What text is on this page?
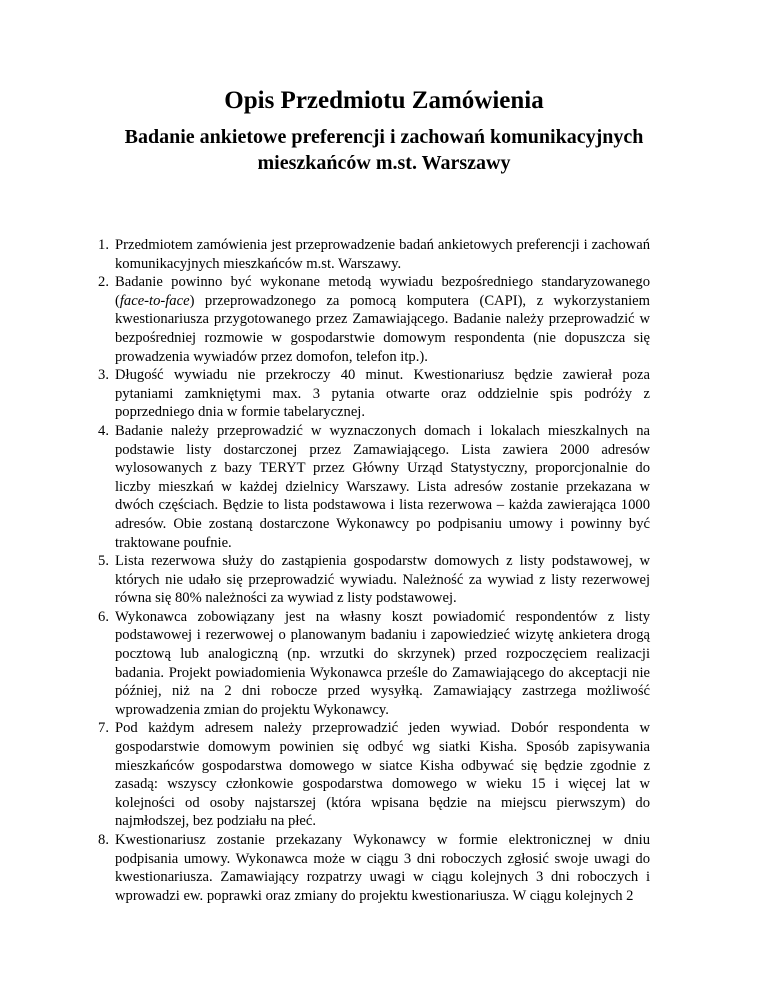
Opis Przedmiotu Zamówienia
Badanie ankietowe preferencji i zachowań komunikacyjnych mieszkańców m.st. Warszawy
1. Przedmiotem zamówienia jest przeprowadzenie badań ankietowych preferencji i zachowań komunikacyjnych mieszkańców m.st. Warszawy.
2. Badanie powinno być wykonane metodą wywiadu bezpośredniego standaryzowanego (face-to-face) przeprowadzonego za pomocą komputera (CAPI), z wykorzystaniem kwestionariusza przygotowanego przez Zamawiającego. Badanie należy przeprowadzić w bezpośredniej rozmowie w gospodarstwie domowym respondenta (nie dopuszcza się prowadzenia wywiadów przez domofon, telefon itp.).
3. Długość wywiadu nie przekroczy 40 minut. Kwestionariusz będzie zawierał poza pytaniami zamkniętymi max. 3 pytania otwarte oraz oddzielnie spis podróży z poprzedniego dnia w formie tabelarycznej.
4. Badanie należy przeprowadzić w wyznaczonych domach i lokalach mieszkalnych na podstawie listy dostarczonej przez Zamawiającego. Lista zawiera 2000 adresów wylosowanych z bazy TERYT przez Główny Urząd Statystyczny, proporcjonalnie do liczby mieszkań w każdej dzielnicy Warszawy. Lista adresów zostanie przekazana w dwóch częściach. Będzie to lista podstawowa i lista rezerwowa – każda zawierająca 1000 adresów. Obie zostaną dostarczone Wykonawcy po podpisaniu umowy i powinny być traktowane poufnie.
5. Lista rezerwowa służy do zastąpienia gospodarstw domowych z listy podstawowej, w których nie udało się przeprowadzić wywiadu. Należność za wywiad z listy rezerwowej równa się 80% należności za wywiad z listy podstawowej.
6. Wykonawca zobowiązany jest na własny koszt powiadomić respondentów z listy podstawowej i rezerwowej o planowanym badaniu i zapowiedzieć wizytę ankietera drogą pocztową lub analogiczną (np. wrzutki do skrzynek) przed rozpoczęciem realizacji badania. Projekt powiadomienia Wykonawca prześle do Zamawiającego do akceptacji nie później, niż na 2 dni robocze przed wysyłką. Zamawiający zastrzega możliwość wprowadzenia zmian do projektu Wykonawcy.
7. Pod każdym adresem należy przeprowadzić jeden wywiad. Dobór respondenta w gospodarstwie domowym powinien się odbyć wg siatki Kisha. Sposób zapisywania mieszkańców gospodarstwa domowego w siatce Kisha odbywać się będzie zgodnie z zasadą: wszyscy członkowie gospodarstwa domowego w wieku 15 i więcej lat w kolejności od osoby najstarszej (która wpisana będzie na miejscu pierwszym) do najmłodszej, bez podziału na płeć.
8. Kwestionariusz zostanie przekazany Wykonawcy w formie elektronicznej w dniu podpisania umowy. Wykonawca może w ciągu 3 dni roboczych zgłosić swoje uwagi do kwestionariusza. Zamawiający rozpatrzy uwagi w ciągu kolejnych 3 dni roboczych i wprowadzi ew. poprawki oraz zmiany do projektu kwestionariusza. W ciągu kolejnych 2
